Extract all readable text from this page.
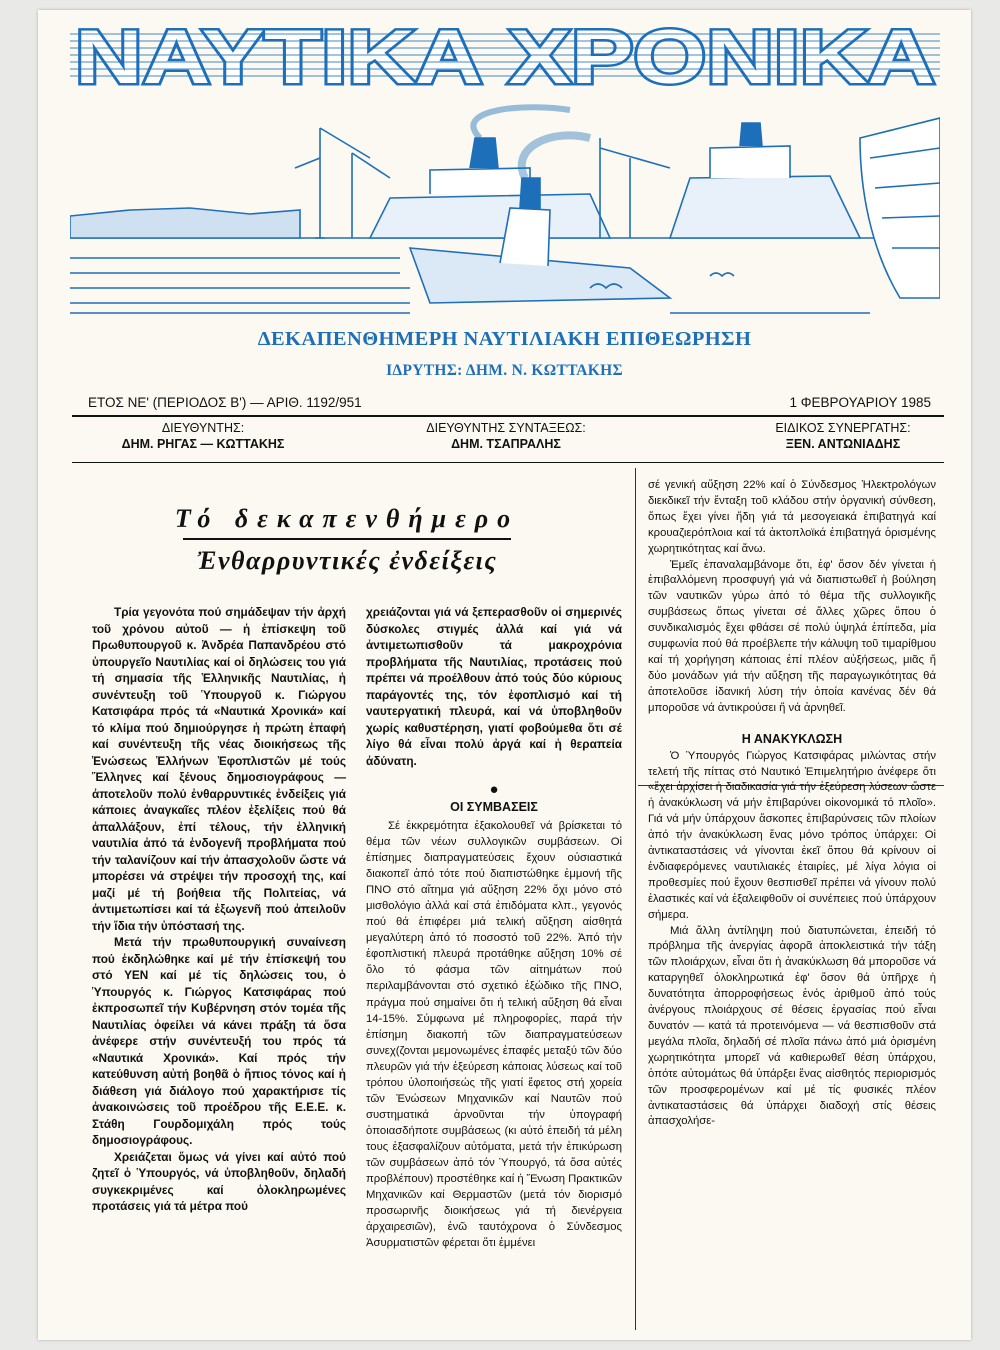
ΝΑΥΤΙΚΑ ΧΡΟΝΙΚΑ
ΔΕΚΑΠΕΝΘΗΜΕΡΗ ΝΑΥΤΙΛΙΑΚΗ ΕΠΙΘΕΩΡΗΣΗ
ΙΔΡΥΤΗΣ: ΔΗΜ. Ν. ΚΩΤΤΑΚΗΣ
ΕΤΟΣ ΝΕ' (ΠΕΡΙΟΔΟΣ Β') — ΑΡΙΘ. 1192/951	1 ΦΕΒΡΟΥΑΡΙΟΥ 1985
ΔΙΕΥΘΥΝΤΗΣ:
ΔΗΜ. ΡΗΓΑΣ — ΚΩΤΤΑΚΗΣ
ΔΙΕΥΘΥΝΤΗΣ ΣΥΝΤΑΞΕΩΣ:
ΔΗΜ. ΤΣΑΠΡΑΛΗΣ
ΕΙΔΙΚΟΣ ΣΥΝΕΡΓΑΤΗΣ:
ΞΕΝ. ΑΝΤΩΝΙΑΔΗΣ
Τό δεκαπενθήμερο
Ἐνθαρρυντικές ἐνδείξεις

Τρία γεγονότα πού σημάδεψαν τήν ἀρχή τοῦ χρόνου αὐτοῦ — ἡ ἐπίσκεψη τοῦ Πρωθυπουργοῦ κ. Ἀνδρέα Παπανδρέου στό ὑπουργεῖο Ναυτιλίας καί οἱ δηλώσεις του γιά τή σημασία τῆς Ἑλληνικῆς Ναυτιλίας, ἡ συνέντευξη τοῦ Ὑπουργοῦ κ. Γιώργου Κατσιφάρα πρός τά «Ναυτικά Χρονικά» καί τό κλίμα πού δημιούργησε ἡ πρώτη ἐπαφή καί συνέντευξη τῆς νέας διοικήσεως τῆς Ἑνώσεως Ἑλλήνων Ἐφοπλιστῶν μέ τούς Ἕλληνες καί ξένους δημοσιογράφους — ἀποτελοῦν πολύ ἐνθαρρυντικές ἐνδείξεις γιά κάποιες ἀναγκαῖες πλέον ἐξελίξεις πού θά ἀπαλλάξουν, ἐπί τέλους, τήν ἑλληνική ναυτιλία ἀπό τά ἐνδογενῆ προβλήματα πού τήν ταλανίζουν καί τήν ἀπασχολοῦν ὥστε νά μπορέσει νά στρέψει τήν προσοχή της, καί μαζί μέ τή βοήθεια τῆς Πολιτείας, νά ἀντιμετωπίσει καί τά ἐξωγενῆ πού ἀπειλοῦν τήν ἴδια τήν ὑπόστασή της.

Μετά τήν πρωθυπουργική συναίνεση πού ἐκδηλώθηκε καί μέ τήν ἐπίσκεψή του στό ΥΕΝ καί μέ τίς δηλώσεις του, ὁ Ὑπουργός κ. Γιώργος Κατσιφάρας πού ἐκπροσωπεῖ τήν Κυβέρνηση στόν τομέα τῆς Ναυτιλίας ὀφείλει νά κάνει πράξη τά ὅσα ἀνέφερε στήν συνέντευξή του πρός τά «Ναυτικά Χρονικά». Καί πρός τήν κατεύθυνση αὐτή βοηθᾶ ὁ ἤπιος τόνος καί ἡ διάθεση γιά διάλογο πού χαρακτήρισε τίς ἀνακοινώσεις τοῦ προέδρου τῆς Ε.Ε.Ε. κ. Στάθη Γουρδομιχάλη πρός τούς δημοσιογράφους.

Χρειάζεται ὅμως νά γίνει καί αὐτό πού ζητεῖ ὁ Ὑπουργός, νά ὑποβληθοῦν, δηλαδή συγκεκριμένες καί ὁλοκληρωμένες προτάσεις γιά τά μέτρα πού

χρειάζονται γιά νά ξεπερασθοῦν οἱ σημερινές δύσκολες στιγμές ἀλλά καί γιά νά ἀντιμετωπισθοῦν τά μακροχρόνια προβλήματα τῆς Ναυτιλίας, προτάσεις πού πρέπει νά προέλθουν ἀπό τούς δύο κύριους παράγοντές της, τόν ἐφοπλισμό καί τή ναυτεργατική πλευρά, καί νά ὑποβληθοῦν χωρίς καθυστέρηση, γιατί φοβούμεθα ὅτι σέ λίγο θά εἶναι πολύ ἀργά καί ἡ θεραπεία ἀδύνατη.

●
ΟΙ ΣΥΜΒΑΣΕΙΣ

Σέ ἐκκρεμότητα ἐξακολουθεῖ νά βρίσκεται τό θέμα τῶν νέων συλλογικῶν συμβάσεων. Οἱ ἐπίσημες διαπραγματεύσεις ἔχουν οὐσιαστικά διακοπεῖ ἀπό τότε πού διαπιστώθηκε ἐμμονή τῆς ΠΝΟ στό αἴτημα γιά αὔξηση 22% ὄχι μόνο στό μισθολόγιο ἀλλά καί στά ἐπιδόματα κλπ., γεγονός πού θά ἐπιφέρει μιά τελική αὔξηση αἰσθητά μεγαλύτερη ἀπό τό ποσοστό τοῦ 22%. Ἀπό τήν ἐφοπλιστική πλευρά προτάθηκε αὔξηση 10% σέ ὅλο τό φάσμα τῶν αἰτημάτων πού περιλαμβάνονται στό σχετικό ἐξώδικο τῆς ΠΝΟ, πράγμα πού σημαίνει ὅτι ἡ τελική αὔξηση θά εἶναι 14-15%. Σύμφωνα μέ πληροφορίες, παρά τήν ἐπίσημη διακοπή τῶν διαπραγματεύσεων συνεχ(ζονται μεμονωμένες ἐπαφές μεταξύ τῶν δύο πλευρῶν γιά τήν ἐξεύρεση κάποιας λύσεως καί τοῦ τρόπου ὑλοποιήσεώς τῆς γιατί ἔφετος στή χορεία τῶν Ἑνώσεων Μηχανικῶν καί Ναυτῶν πού συστηματικά ἀρνοῦνται τήν ὑπογραφή ὁποιασδήποτε συμβάσεως (κι αὐτό ἐπειδή τά μέλη τους ἐξασφαλίζουν αὐτόματα, μετά τήν ἐπικύρωση τῶν συμβάσεων ἀπό τόν Ὑπουργό, τά ὅσα αὐτές προβλέπουν) προστέθηκε καί ἡ Ἕνωση Πρακτικῶν Μηχανικῶν καί Θερμαστῶν (μετά τόν διορισμό προσωρινῆς διοικήσεως γιά τή διενέργεια ἀρχαιρεσιῶν), ἐνῶ ταυτόχρονα ὁ Σύνδεσμος Ἀσυρματιστῶν φέρεται ὅτι ἐμμένει

σέ γενική αὔξηση 22% καί ὁ Σύνδεσμος Ἠλεκτρολόγων διεκδικεῖ τήν ἔνταξη τοῦ κλάδου στήν ὀργανική σύνθεση, ὅπως ἔχει γίνει ἤδη γιά τά μεσογειακά ἐπιβατηγά καί κρουαζιερόπλοια καί τά ἀκτοπλοϊκά ἐπιβατηγά ὁρισμένης χωρητικότητας καί ἄνω.

Ἐμεῖς ἐπαναλαμβάνομε ὅτι, ἐφ' ὅσον δέν γίνεται ἡ ἐπιβαλλόμενη προσφυγή γιά νά διαπιστωθεῖ ἡ βούληση τῶν ναυτικῶν γύρω ἀπό τό θέμα τῆς συλλογικῆς συμβάσεως ὅπως γίνεται σέ ἄλλες χῶρες ὅπου ὁ συνδικαλισμός ἔχει φθάσει σέ πολύ ὑψηλά ἐπίπεδα, μία συμφωνία πού θά προέβλεπε τήν κάλυψη τοῦ τιμαρίθμου καί τή χορήγηση κάποιας ἐπί πλέον αὐξήσεως, μιᾶς ἤ δύο μονάδων γιά τήν αὔξηση τῆς παραγωγικότητας θά ἀποτελοῦσε ἰδανική λύση τήν ὁποία κανένας δέν θά μποροῦσε νά ἀντικρούσει ἤ νά ἀρνηθεῖ.

Η ΑΝΑΚΥΚΛΩΣΗ

Ὁ Ὑπουργός Γιώργος Κατσιφάρας μιλώντας στήν τελετή τῆς πίττας στό Ναυτικό Ἐπιμελητήριο ἀνέφερε ὅτι «ἔχει ἀρχίσει ἡ διαδικασία γιά τήν ἐξεύρεση λύσεων ὥστε ἡ ἀνακύκλωση νά μήν ἐπιβαρύνει οἰκονομικά τό πλοῖο». Γιά νά μήν ὑπάρχουν ἄσκοπες ἐπιβαρύνσεις τῶν πλοίων ἀπό τήν ἀνακύκλωση ἕνας μόνο τρόπος ὑπάρχει: Οἱ ἀντικαταστάσεις νά γίνονται ἐκεῖ ὅπου θά κρίνουν οἱ ἐνδιαφερόμενες ναυτιλιακές ἑταιρίες, μέ λίγα λόγια οἱ προθεσμίες πού ἔχουν θεσπισθεῖ πρέπει νά γίνουν πολύ ἐλαστικές καί νά ἐξαλειφθοῦν οἱ συνέπειες πού ὑπάρχουν σήμερα.

Μιά ἄλλη ἀντίληψη πού διατυπώνεται, ἐπειδή τό πρόβλημα τῆς ἀνεργίας ἀφορᾶ ἀποκλειστικά τήν τάξη τῶν πλοιάρχων, εἶναι ὅτι ἡ ἀνακύκλωση θά μποροῦσε νά καταργηθεῖ ὁλοκληρωτικά ἐφ' ὅσον θά ὑπῆρχε ἡ δυνατότητα ἀπορροφήσεως ἑνός ἀριθμοῦ ἀπό τούς ἀνέργους πλοιάρχους σέ θέσεις ἐργασίας πού εἶναι δυνατόν — κατά τά προτεινόμενα — νά θεσπισθοῦν στά μεγάλα πλοῖα, δηλαδή σέ πλοῖα πάνω ἀπό μιά ὁρισμένη χωρητικότητα μπορεῖ νά καθιερωθεῖ θέση ὑπάρχου, ὁπότε αὐτομάτως θά ὑπάρξει ἕνας αἰσθητός περιορισμός τῶν προσφερομένων καί μέ τίς φυσικές πλέον ἀντικαταστάσεις θά ὑπάρχει διαδοχή στίς θέσεις ἀπασχολήσε-
